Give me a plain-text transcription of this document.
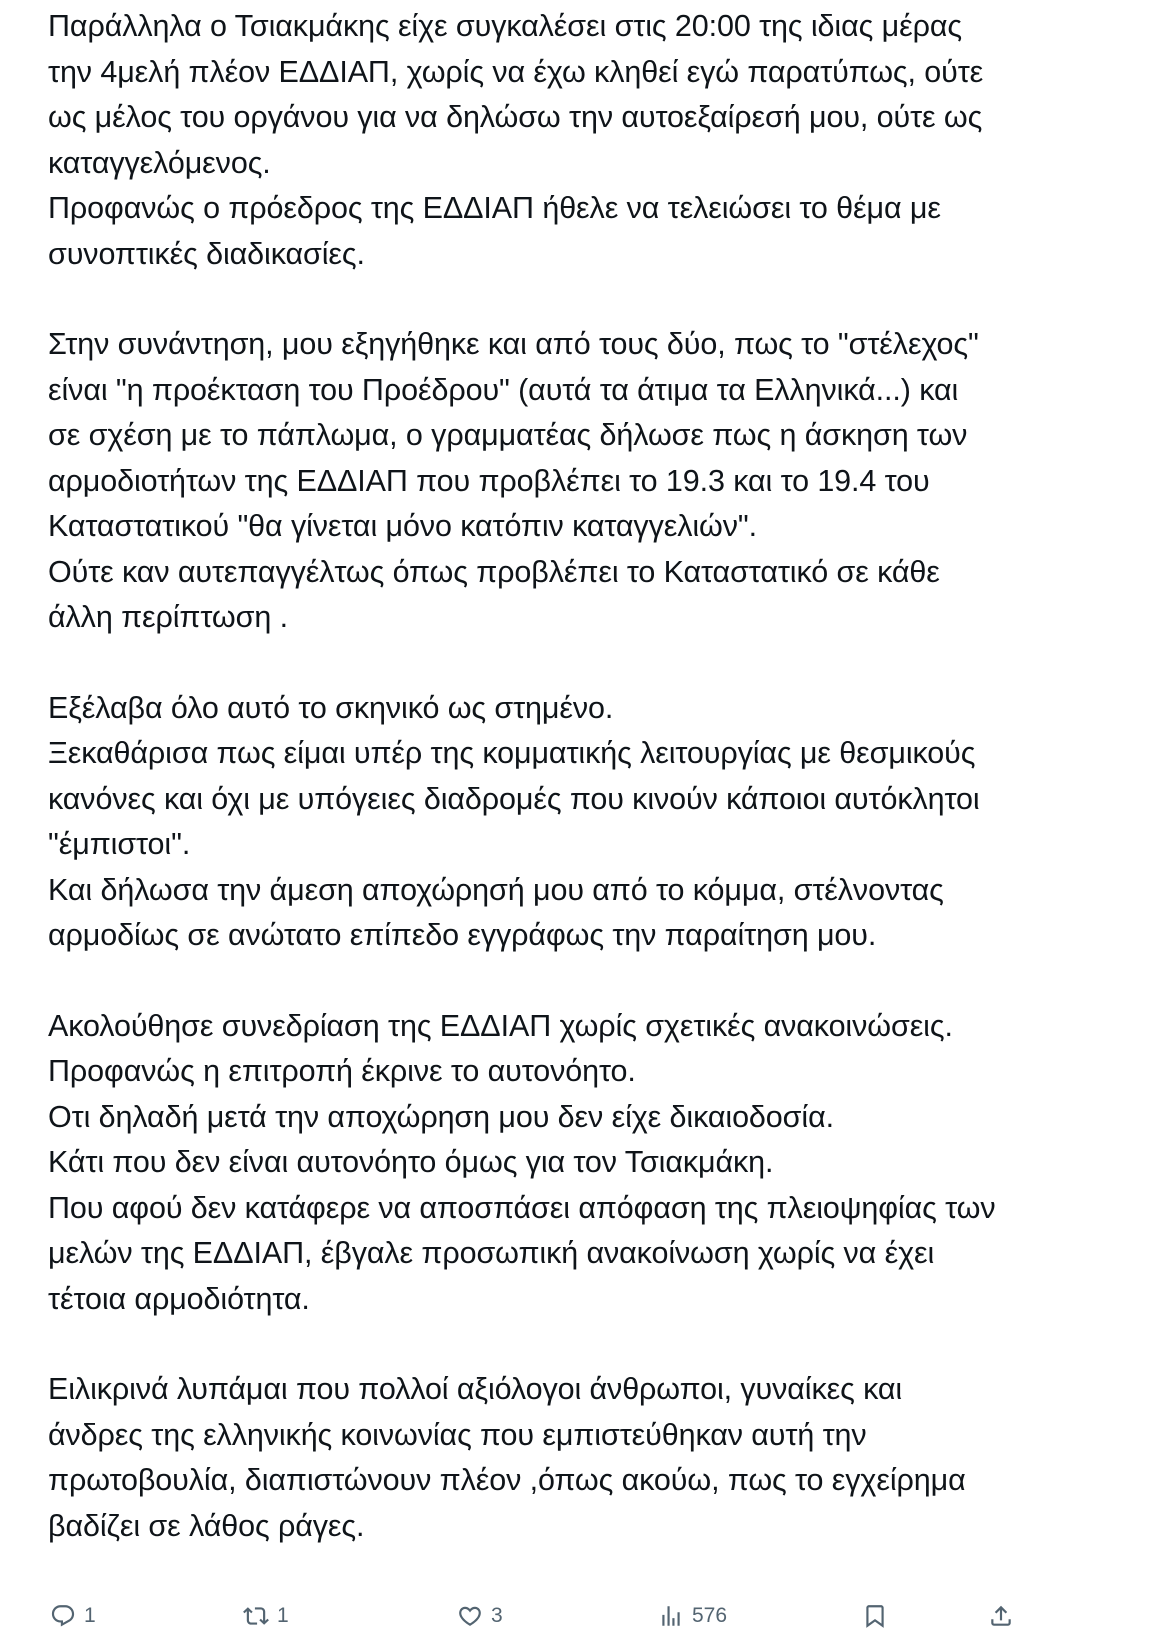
Παράλληλα ο Τσιακμάκης είχε συγκαλέσει στις 20:00 της ιδιας μέρας
την 4μελή πλέον ΕΔΔΙΑΠ, χωρίς να έχω κληθεί εγώ παρατύπως, ούτε
ως μέλος του οργάνου για να δηλώσω την αυτοεξαίρεσή μου, ούτε ως
καταγγελόμενος.
Προφανώς ο πρόεδρος της ΕΔΔΙΑΠ ήθελε να τελειώσει το θέμα με
συνοπτικές διαδικασίες.
Στην συνάντηση, μου εξηγήθηκε και από τους δύο, πως το "στέλεχος"
είναι "η προέκταση του Προέδρου" (αυτά τα άτιμα τα Ελληνικά...) και
σε σχέση με το πάπλωμα, ο γραμματέας δήλωσε πως η άσκηση των
αρμοδιοτήτων της ΕΔΔΙΑΠ που προβλέπει το 19.3 και το 19.4 του
Καταστατικού "θα γίνεται μόνο κατόπιν καταγγελιών".
Ούτε καν αυτεπαγγέλτως όπως προβλέπει το Καταστατικό σε κάθε
άλλη περίπτωση .
Εξέλαβα όλο αυτό το σκηνικό ως στημένο.
Ξεκαθάρισα πως είμαι υπέρ της κομματικής λειτουργίας με θεσμικούς
κανόνες και όχι με υπόγειες διαδρομές που κινούν κάποιοι αυτόκλητοι
"έμπιστοι".
Και δήλωσα την άμεση αποχώρησή μου από το κόμμα, στέλνοντας
αρμοδίως σε ανώτατο επίπεδο εγγράφως την παραίτηση μου.
Ακολούθησε συνεδρίαση της ΕΔΔΙΑΠ χωρίς σχετικές ανακοινώσεις.
Προφανώς η επιτροπή έκρινε το αυτονόητο.
Οτι δηλαδή μετά την αποχώρηση μου δεν είχε δικαιοδοσία.
Κάτι που δεν είναι αυτονόητο όμως για τον Τσιακμάκη.
Που αφού δεν κατάφερε να αποσπάσει απόφαση της πλειοψηφίας των
μελών της ΕΔΔΙΑΠ, έβγαλε προσωπική ανακοίνωση χωρίς να έχει
τέτοια αρμοδιότητα.
Ειλικρινά λυπάμαι που πολλοί αξιόλογοι άνθρωποι, γυναίκες και
άνδρες της ελληνικής κοινωνίας που εμπιστεύθηκαν αυτή την
πρωτοβουλία, διαπιστώνουν πλέον ,όπως ακούω, πως το εγχείρημα
βαδίζει σε λάθος ράγες.
1	1	3	576
